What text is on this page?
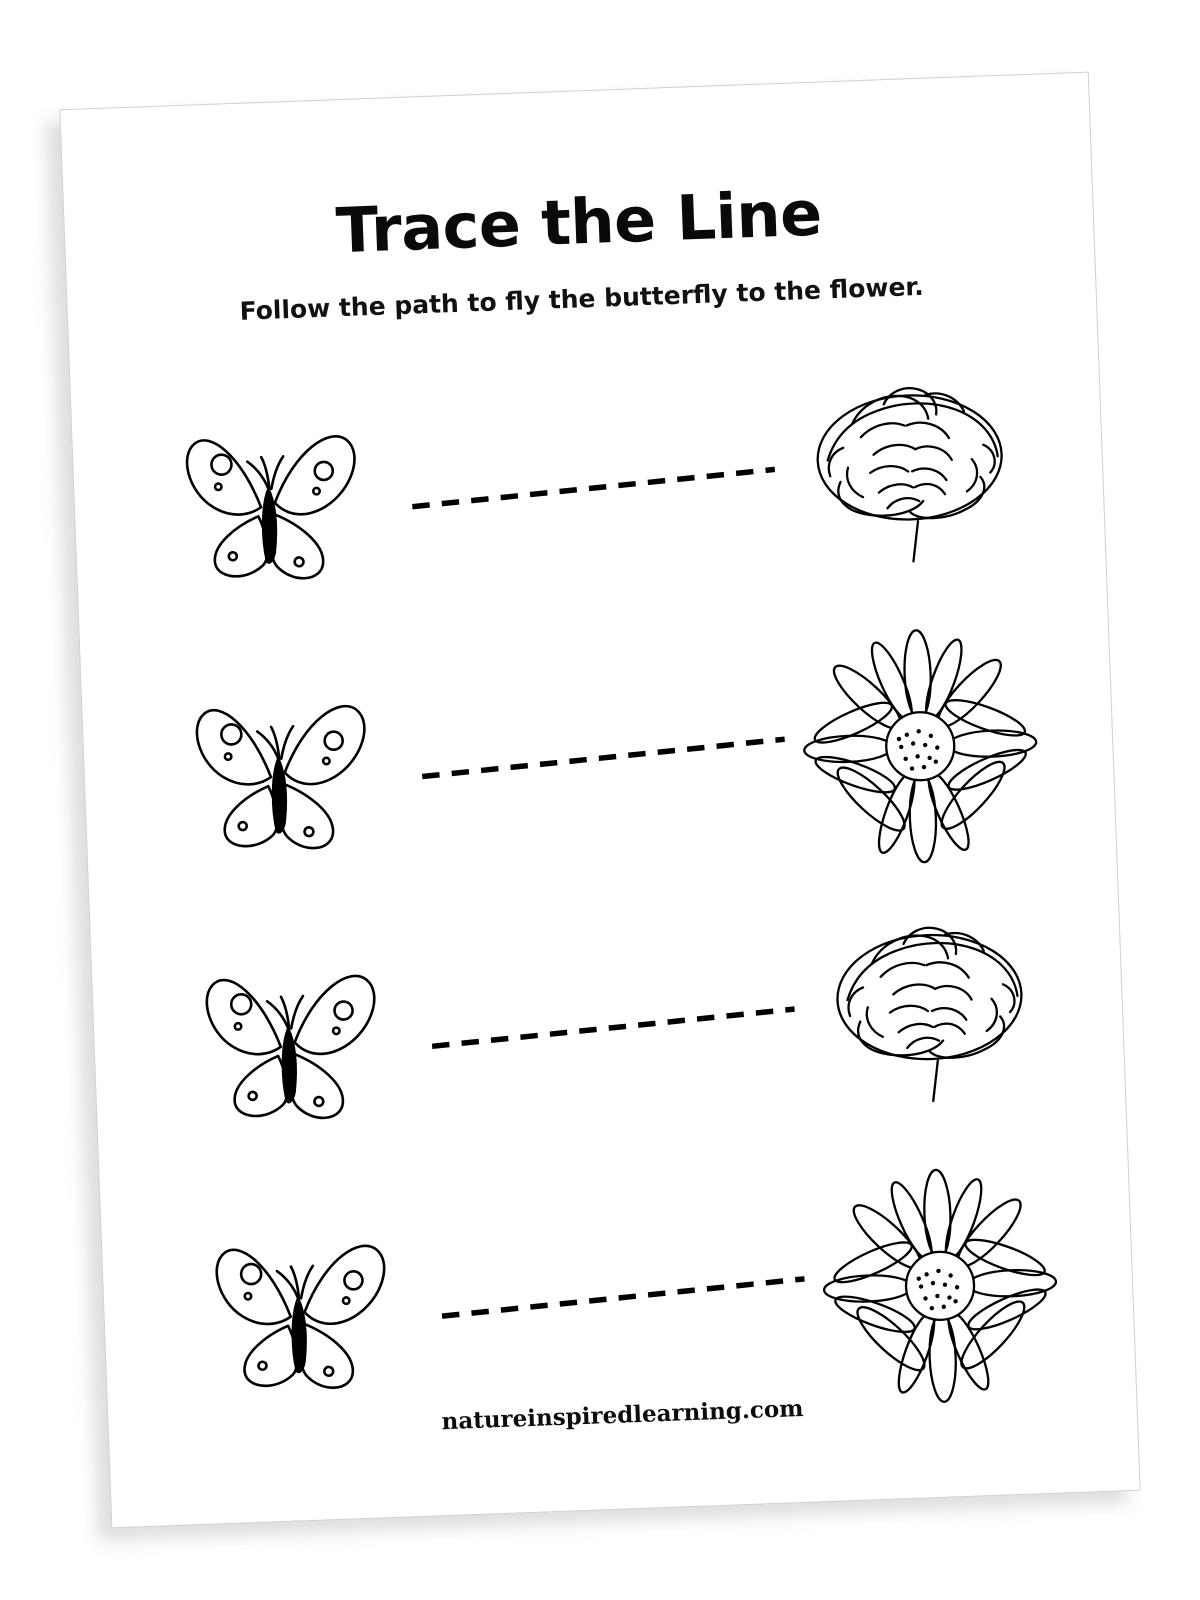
Trace the Line
Follow the path to fly the butterfly to the flower.
natureinspiredlearning.com
